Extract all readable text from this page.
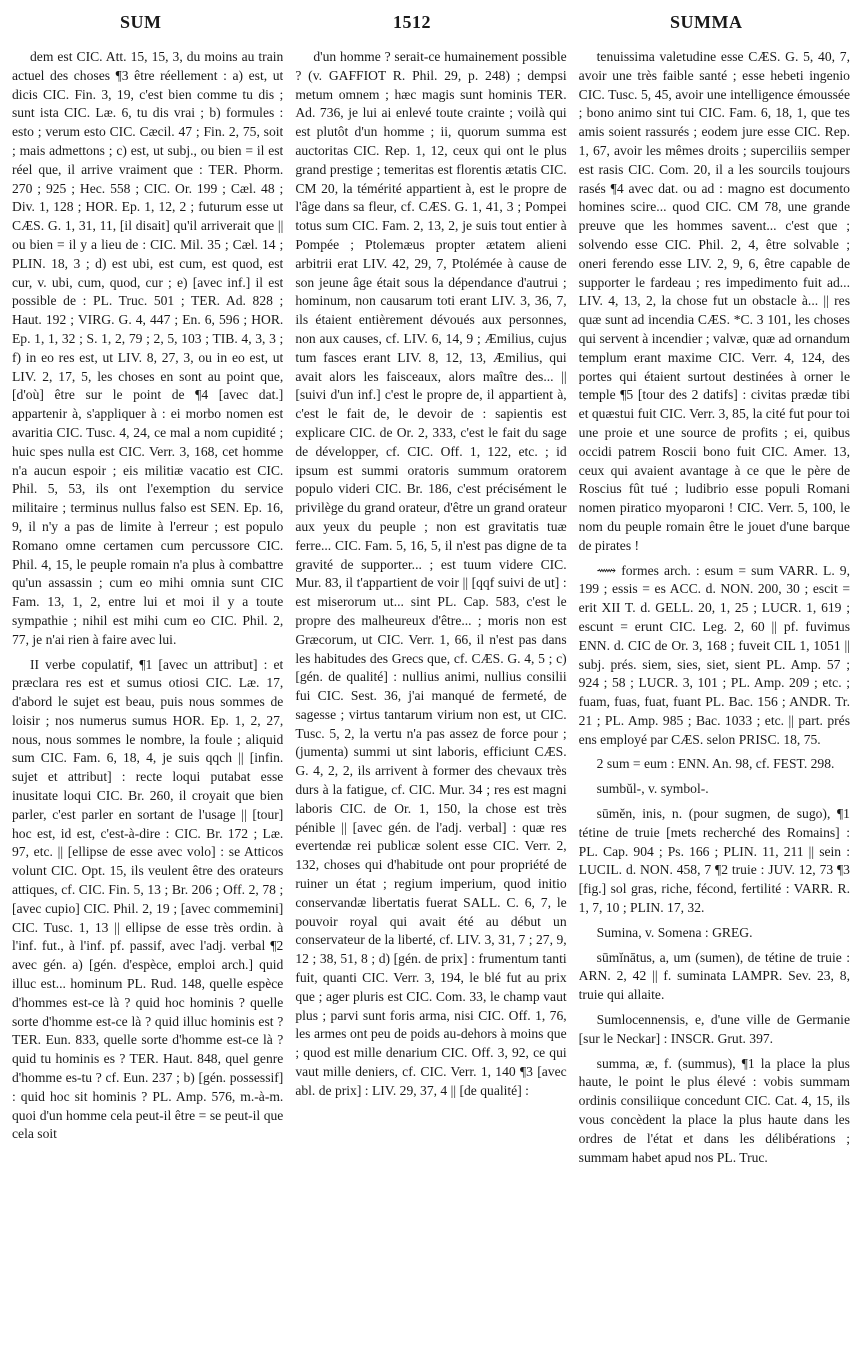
SUM	1512	SUMMA

dem est CIC. Att. 15, 15, 3, du moins au train actuel des choses ¶3 être réellement : a) est, ut dicis CIC. Fin. 3, 19, c'est bien comme tu dis ; sunt ista CIC. Læ. 6, tu dis vrai ; b) formules : esto ; verum esto CIC. Cæcil. 47 ; Fin. 2, 75, soit ; mais admettons ; c) est, ut subj., ou bien = il est réel que, il arrive vraiment que : TER. Phorm. 270 ; 925 ; Hec. 558 ; CIC. Or. 199 ; Cæl. 48 ; Div. 1, 128 ; HOR. Ep. 1, 12, 2 ; futurum esse ut CÆS. G. 1, 31, 11, [il disait] qu'il arriverait que || ou bien = il y a lieu de : CIC. Mil. 35 ; Cæl. 14 ; PLIN. 18, 3 ; d) est ubi, est cum, est quod, est cur, v. ubi, cum, quod, cur ; e) [avec inf.] il est possible de : PL. Truc. 501 ; TER. Ad. 828 ; Haut. 192 ; VIRG. G. 4, 447 ; En. 6, 596 ; HOR. Ep. 1, 1, 32 ; S. 1, 2, 79 ; 2, 5, 103 ; TIB. 4, 3, 3 ; f) in eo res est, ut LIV. 8, 27, 3, ou in eo est, ut LIV. 2, 17, 5, les choses en sont au point que, [d'où] être sur le point de ¶4 [avec dat.] appartenir à, s'appliquer à : ei morbo nomen est avaritia CIC. Tusc. 4, 24, ce mal a nom cupidité ; huic spes nulla est CIC. Verr. 3, 168, cet homme n'a aucun espoir ; eis militiæ vacatio est CIC. Phil. 5, 53, ils ont l'exemption du service militaire ; terminus nullus falso est SEN. Ep. 16, 9, il n'y a pas de limite à l'erreur ; est populo Romano omne certamen cum percussore CIC. Phil. 4, 15, le peuple romain n'a plus à combattre qu'un assassin ; cum eo mihi omnia sunt CIC Fam. 13, 1, 2, entre lui et moi il y a toute sympathie ; nihil est mihi cum eo CIC. Phil. 2, 77, je n'ai rien à faire avec lui.

II verbe copulatif, ¶1 [avec un attribut] : et præclara res est et sumus otiosi CIC. Læ. 17, d'abord le sujet est beau, puis nous sommes de loisir ; nos numerus sumus HOR. Ep. 1, 2, 27, nous, nous sommes le nombre, la foule ; aliquid sum CIC. Fam. 6, 18, 4, je suis qqch || [infin. sujet et attribut] : recte loqui putabat esse inusitate loqui CIC. Br. 260, il croyait que bien parler, c'est parler en sortant de l'usage || [tour] hoc est, id est, c'est-à-dire : CIC. Br. 172 ; Læ. 97, etc. || [ellipse de esse avec volo] : se Atticos volunt CIC. Opt. 15, ils veulent être des orateurs attiques, cf. CIC. Fin. 5, 13 ; Br. 206 ; Off. 2, 78 ; [avec cupio] CIC. Phil. 2, 19 ; [avec commemini] CIC. Tusc. 1, 13 || ellipse de esse très ordin. à l'inf. fut., à l'inf. pf. passif, avec l'adj. verbal ¶2 avec gén. a) [gén. d'espèce, emploi arch.] quid illuc est... hominum PL. Rud. 148, quelle espèce d'hommes est-ce là ? quid hoc hominis ? quelle sorte d'homme est-ce là ? quid illuc hominis est ? TER. Eun. 833, quelle sorte d'homme est-ce là ? quid tu hominis es ? TER. Haut. 848, quel genre d'homme es-tu ? cf. Eun. 237 ; b) [gén. possessif] : quid hoc sit hominis ? PL. Amp. 576, m.-à-m. quoi d'un homme cela peut-il être = se peut-il que cela soit

d'un homme ? serait-ce humainement possible ? (v. GAFFIOT R. Phil. 29, p. 248) ; dempsi metum omnem ; hæc magis sunt hominis TER. Ad. 736, je lui ai enlevé toute crainte ; voilà qui est plutôt d'un homme ; ii, quorum summa est auctoritas CIC. Rep. 1, 12, ceux qui ont le plus grand prestige ; temeritas est florentis ætatis CIC. CM 20, la témérité appartient à, est le propre de l'âge dans sa fleur, cf. CÆS. G. 1, 41, 3 ; Pompei totus sum CIC. Fam. 2, 13, 2, je suis tout entier à Pompée ; Ptolemæus propter ætatem alieni arbitrii erat LIV. 42, 29, 7, Ptolémée à cause de son jeune âge était sous la dépendance d'autrui ; hominum, non causarum toti erant LIV. 3, 36, 7, ils étaient entièrement dévoués aux personnes, non aux causes, cf. LIV. 6, 14, 9 ; Æmilius, cujus tum fasces erant LIV. 8, 12, 13, Æmilius, qui avait alors les faisceaux, alors maître des... || [suivi d'un inf.] c'est le propre de, il appartient à, c'est le fait de, le devoir de : sapientis est explicare CIC. de Or. 2, 333, c'est le fait du sage de développer, cf. CIC. Off. 1, 122, etc. ; id ipsum est summi oratoris summum oratorem populo videri CIC. Br. 186, c'est précisément le privilège du grand orateur, d'être un grand orateur aux yeux du peuple ; non est gravitatis tuæ ferre... CIC. Fam. 5, 16, 5, il n'est pas digne de ta gravité de supporter... ; est tuum videre CIC. Mur. 83, il t'appartient de voir || [qqf suivi de ut] : est miserorum ut... sint PL. Cap. 583, c'est le propre des malheureux d'être... ; moris non est Græcorum, ut CIC. Verr. 1, 66, il n'est pas dans les habitudes des Grecs que, cf. CÆS. G. 4, 5 ; c) [gén. de qualité] : nullius animi, nullius consilii fui CIC. Sest. 36, j'ai manqué de fermeté, de sagesse ; virtus tantarum virium non est, ut CIC. Tusc. 5, 2, la vertu n'a pas assez de force pour ; (jumenta) summi ut sint laboris, efficiunt CÆS. G. 4, 2, 2, ils arrivent à former des chevaux très durs à la fatigue, cf. CIC. Mur. 34 ; res est magni laboris CIC. de Or. 1, 150, la chose est très pénible || [avec gén. de l'adj. verbal] : quæ res evertendæ rei publicæ solent esse CIC. Verr. 2, 132, choses qui d'habitude ont pour propriété de ruiner un état ; regium imperium, quod initio conservandæ libertatis fuerat SALL. C. 6, 7, le pouvoir royal qui avait été au début un conservateur de la liberté, cf. LIV. 3, 31, 7 ; 27, 9, 12 ; 38, 51, 8 ; d) [gén. de prix] : frumentum tanti fuit, quanti CIC. Verr. 3, 194, le blé fut au prix que ; ager pluris est CIC. Com. 33, le champ vaut plus ; parvi sunt foris arma, nisi CIC. Off. 1, 76, les armes ont peu de poids au-dehors à moins que ; quod est mille denarium CIC. Off. 3, 92, ce qui vaut mille deniers, cf. CIC. Verr. 1, 140 ¶3 [avec abl. de prix] : LIV. 29, 37, 4 || [de qualité] :

tenuissima valetudine esse CÆS. G. 5, 40, 7, avoir une très faible santé ; esse hebeti ingenio CIC. Tusc. 5, 45, avoir une intelligence émoussée ; bono animo sint tui CIC. Fam. 6, 18, 1, que tes amis soient rassurés ; eodem jure esse CIC. Rep. 1, 67, avoir les mêmes droits ; superciliis semper est rasis CIC. Com. 20, il a les sourcils toujours rasés ¶4 avec dat. ou ad : magno est documento homines scire... quod CIC. CM 78, une grande preuve que les hommes savent... c'est que ; solvendo esse CIC. Phil. 2, 4, être solvable ; oneri ferendo esse LIV. 2, 9, 6, être capable de supporter le fardeau ; res impedimento fuit ad... LIV. 4, 13, 2, la chose fut un obstacle à... || res quæ sunt ad incendia CÆS. *C. 3 101, les choses qui servent à incendier ; valvæ, quæ ad ornandum templum erant maxime CIC. Verr. 4, 124, des portes qui étaient surtout destinées à orner le temple ¶5 [tour des 2 datifs] : civitas prædæ tibi et quæstui fuit CIC. Verr. 3, 85, la cité fut pour toi une proie et une source de profits ; ei, quibus occidi patrem Roscii bono fuit CIC. Amer. 13, ceux qui avaient avantage à ce que le père de Roscius fût tué ; ludibrio esse populi Romani nomen piratico myoparoni ! CIC. Verr. 5, 100, le nom du peuple romain être le jouet d'une barque de pirates !

⟿ formes arch. : esum = sum VARR. L. 9, 199 ; essis = es ACC. d. NON. 200, 30 ; escit = erit XII T. d. GELL. 20, 1, 25 ; LUCR. 1, 619 ; escunt = erunt CIC. Leg. 2, 60 || pf. fuvimus ENN. d. CIC de Or. 3, 168 ; fuveit CIL 1, 1051 || subj. prés. siem, sies, siet, sient PL. Amp. 57 ; 924 ; 58 ; LUCR. 3, 101 ; PL. Amp. 209 ; etc. ; fuam, fuas, fuat, fuant PL. Bac. 156 ; ANDR. Tr. 21 ; PL. Amp. 985 ; Bac. 1033 ; etc. || part. prés ens employé par CÆS. selon PRISC. 18, 75.

2 sum = eum : ENN. An. 98, cf. FEST. 298.

sumbŭl-, v. symbol-.

sūmĕn, inis, n. (pour sugmen, de sugo), ¶1 tétine de truie [mets recherché des Romains] : PL. Cap. 904 ; Ps. 166 ; PLIN. 11, 211 || sein : LUCIL. d. NON. 458, 7 ¶2 truie : JUV. 12, 73 ¶3 [fig.] sol gras, riche, fécond, fertilité : VARR. R. 1, 7, 10 ; PLIN. 17, 32.

Sumina, v. Somena : GREG.

sūmĭnātus, a, um (sumen), de tétine de truie : ARN. 2, 42 || f. suminata LAMPR. Sev. 23, 8, truie qui allaite.

Sumlocennensis, e, d'une ville de Germanie [sur le Neckar] : INSCR. Grut. 397.

summa, æ, f. (summus), ¶1 la place la plus haute, le point le plus élevé : vobis summam ordinis consiliique concedunt CIC. Cat. 4, 15, ils vous concèdent la place la plus haute dans les ordres de l'état et dans les délibérations ; summam habet apud nos PL. Truc.
